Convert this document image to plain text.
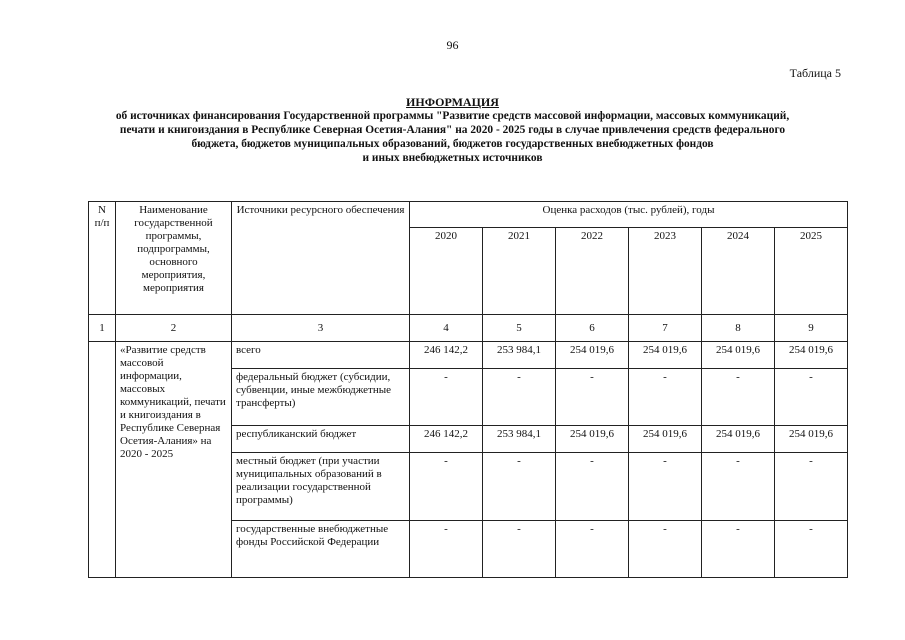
96
Таблица 5
ИНФОРМАЦИЯ
об источниках финансирования Государственной программы "Развитие средств массовой информации, массовых коммуникаций,
печати и книгоиздания в Республике Северная Осетия-Алания" на 2020 - 2025 годы в случае привлечения средств федерального
бюджета, бюджетов муниципальных образований, бюджетов государственных внебюджетных фондов
и иных внебюджетных источников
N п/п	Наименование государственной программы, подпрограммы, основного мероприятия, мероприятия	Источники ресурсного обеспечения	Оценка расходов (тыс. рублей), годы					
			2020	2021	2022	2023	2024	2025
1	2	3	4	5	6	7	8	9
	«Развитие средств массовой информации, массовых коммуникаций, печати и книгоиздания в Республике Северная Осетия-Алания» на 2020 - 2025	всего	246 142,2	253 984,1	254 019,6	254 019,6	254 019,6	254 019,6
		федеральный бюджет (субсидии, субвенции, иные межбюджетные трансферты)	-	-	-	-	-	-
		республиканский бюджет	246 142,2	253 984,1	254 019,6	254 019,6	254 019,6	254 019,6
		местный бюджет (при участии муниципальных образований в реализации государственной программы)	-	-	-	-	-	-
		государственные внебюджетные фонды Российской Федерации	-	-	-	-	-	-
